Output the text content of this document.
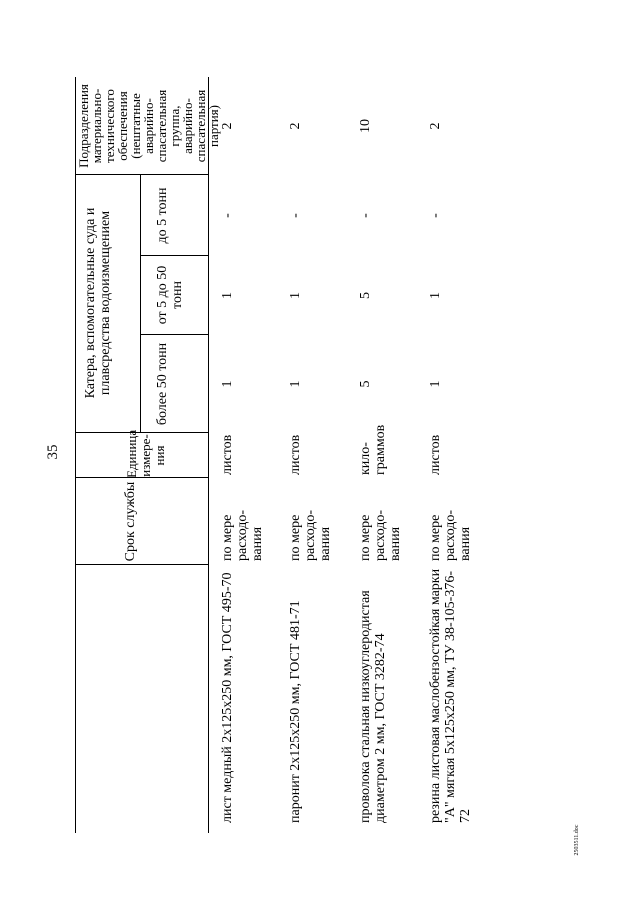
35
Срок службы
Единица измере-ния
Катера, вспомогательные суда и плавсредства водоизмещением	более 50 тонн
от 5 до 50 тонн
до 5 тонн
Подразделения материально-технического обеспечения (нештатные аварийно-спасательная группа, аварийно-спасательная партия)
лист медный 2х125х250 мм, ГОСТ 495-70
по мере расходо-вания
листов
1
1
-
2
паронит 2х125х250 мм, ГОСТ 481-71
по мере расходо-вания
листов
1
1
-
2
проволока стальная низкоуглеродистая диаметром 2 мм, ГОСТ 3282-74
по мере расходо-вания
кило-граммов
5
5
-
10
резина листовая маслобензостойкая марки "А" мягкая 5х125х250 мм, ТУ 38-105-376-72
по мере расходо-вания
листов
1
1
-
2
2503511.doc
